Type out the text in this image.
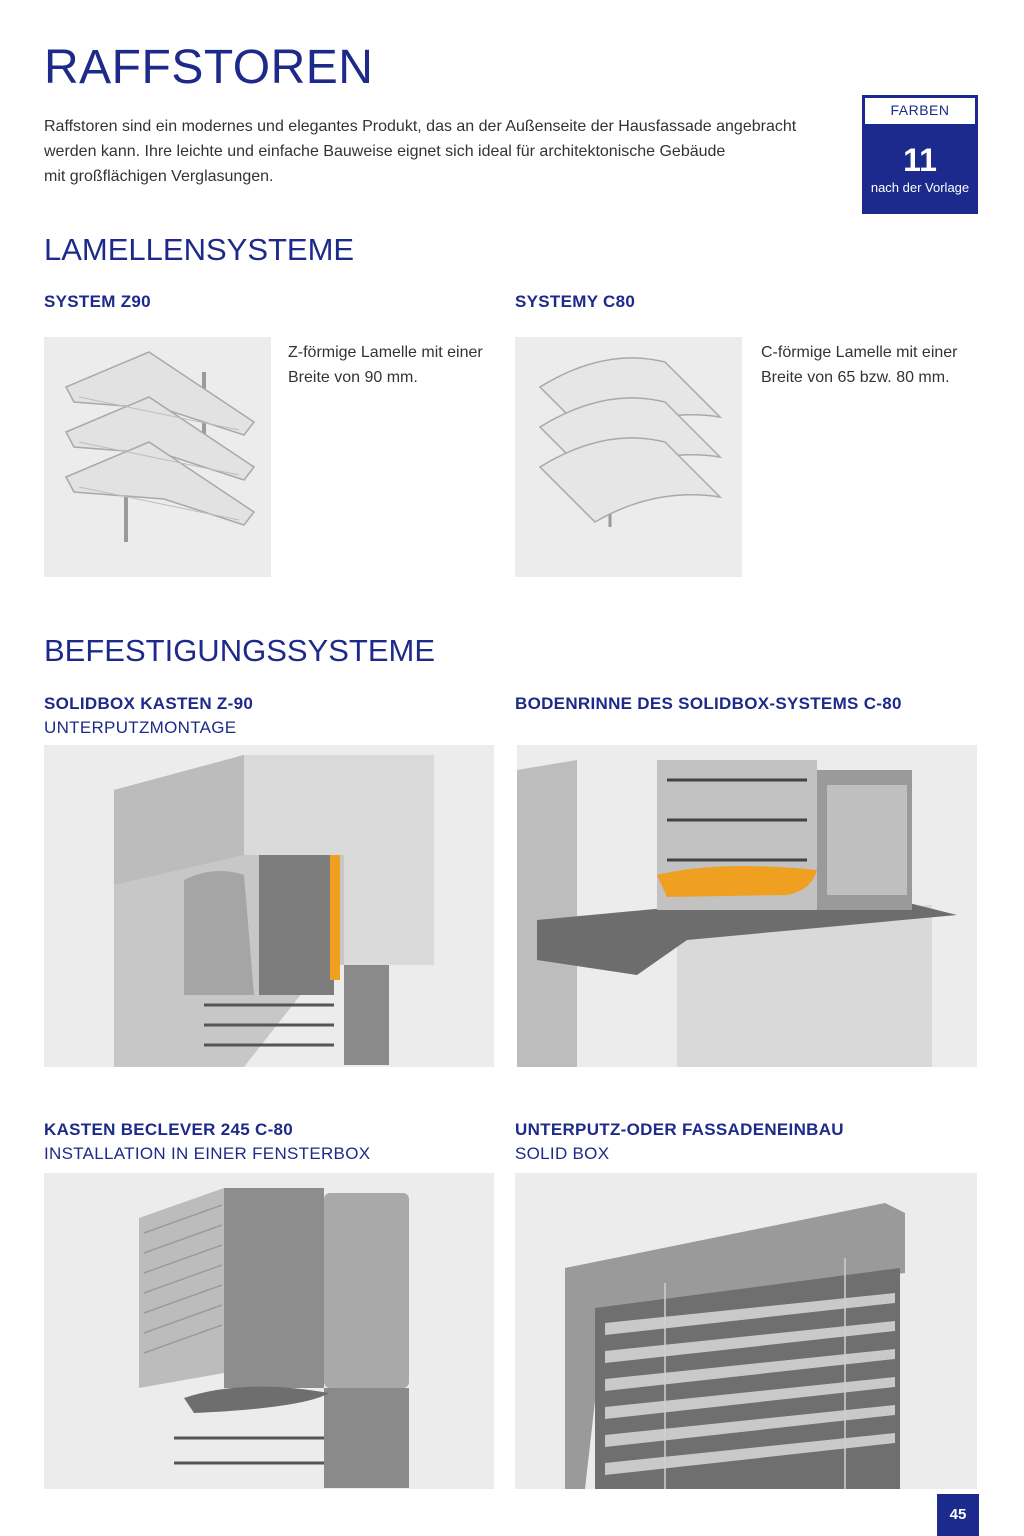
RAFFSTOREN
Raffstoren sind ein modernes und elegantes Produkt, das an der Außenseite der Hausfassade angebracht
werden kann. Ihre leichte und einfache Bauweise eignet sich ideal für architektonische Gebäude
mit großflächigen Verglasungen.
FARBEN
11
nach der Vorlage
LAMELLENSYSTEME
SYSTEM Z90
Z-förmige Lamelle mit einer
Breite von 90 mm.
SYSTEMY C80
C-förmige Lamelle mit einer
Breite von 65 bzw. 80 mm.
BEFESTIGUNGSSYSTEME
SOLIDBOX KASTEN Z-90
UNTERPUTZMONTAGE
BODENRINNE DES SOLIDBOX-SYSTEMS C-80
KASTEN BECLEVER 245 C-80
INSTALLATION IN EINER FENSTERBOX
UNTERPUTZ-ODER FASSADENEINBAU
SOLID BOX
45
